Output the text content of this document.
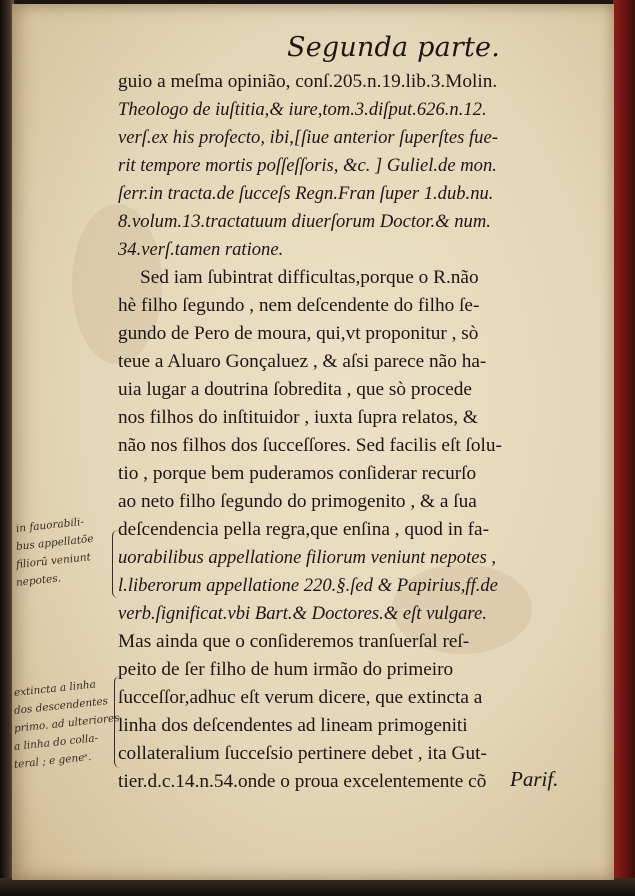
Segunda parte.
guio a meſma opinião, conſ.205.n.19.lib.3.Molin.
Theologo de iuſtitia,& iure,tom.3.diſput.626.n.12.
verſ.ex his profecto, ibi,[ſiue anterior ſuperſtes fue-
rit tempore mortis poſſeſſoris, &c. ] Guliel.de mon.
ſerr.in tracta.de ſucceſs Regn.Fran ſuper 1.dub.nu.
8.volum.13.tractatuum diuerſorum Doctor.& num.
34.verſ.tamen ratione.
Sed iam ſubintrat difficultas,porque o R.não
hè filho ſegundo , nem deſcendente do filho ſe-
gundo de Pero de moura, qui,vt proponitur , sò
teue a Aluaro Gonçaluez , & aſsi parece não ha-
uia lugar a doutrina ſobredita , que sò procede
nos filhos do inſtituidor , iuxta ſupra relatos, &
não nos filhos dos ſucceſſores. Sed facilis eſt ſolu-
tio , porque bem puderamos conſiderar recurſo
ao neto filho ſegundo do primogenito , & a ſua
deſcendencia pella regra,que enſina , quod in fa-
uorabilibus appellatione filiorum veniunt nepotes ,
l.liberorum appellatione 220.§.ſed & Papirius,ff.de
verb.ſignificat.vbi Bart.& Doctores.& eſt vulgare.
Mas ainda que o conſideremos tranſuerſal reſ-
peito de ſer filho de hum irmão do primeiro
ſucceſſor,adhuc eſt verum dicere, que extincta a
linha dos deſcendentes ad lineam primogeniti
collateralium ſucceſsio pertinere debet , ita Gut-
tier.d.c.14.n.54.onde o proua excelentemente cõ	Parif.
in fauorabili-
bus appellatõe
filiorũ veniunt
nepotes.
extincta a linha
dos descendentes
primo. ad ulteriores
a linha do colla-
teral ; e geneˢ.
